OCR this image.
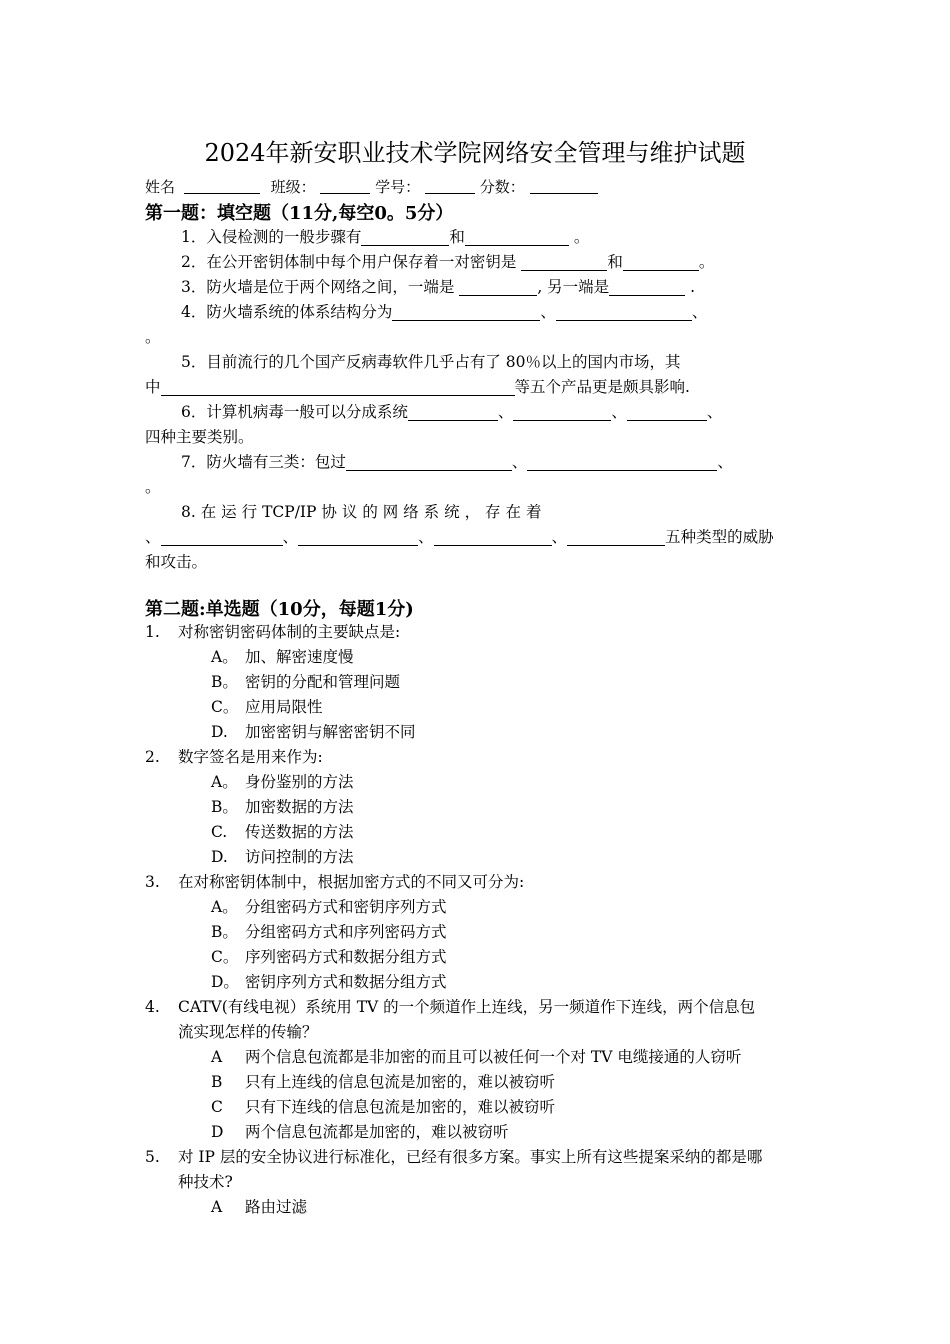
2024年新安职业技术学院网络安全管理与维护试题
姓名	班级：	学号：	分数：
第一题：填空题（11分,每空0。5分）
1．入侵检测的一般步骤有	和	。
2．在公开密钥体制中每个用户保存着一对密钥是	和	。
3．防火墙是位于两个网络之间，一端是	, 另一端是	.
4．防火墙系统的体系结构分为	、	、
。
5．目前流行的几个国产反病毒软件几乎占有了 80％以上的国内市场，其
中	等五个产品更是颇具影响.
6．计算机病毒一般可以分成系统	、	、	、
四种主要类别。
7．防火墙有三类：包过	、	、
。
8. 在 运 行 TCP/IP 协 议 的 网 络 系 统 ， 存 在 着
、	、	、	、	五种类型的威胁
和攻击。
第二题:单选题（10分，每题1分)
1. 对称密钥密码体制的主要缺点是:
A。 加、解密速度慢
B。 密钥的分配和管理问题
C。 应用局限性
D. 加密密钥与解密密钥不同
2. 数字签名是用来作为:
A。 身份鉴别的方法
B。 加密数据的方法
C. 传送数据的方法
D. 访问控制的方法
3. 在对称密钥体制中，根据加密方式的不同又可分为:
A。 分组密码方式和密钥序列方式
B。 分组密码方式和序列密码方式
C。 序列密码方式和数据分组方式
D。 密钥序列方式和数据分组方式
4. CATV(有线电视）系统用 TV 的一个频道作上连线，另一频道作下连线，两个信息包
流实现怎样的传输？
A 两个信息包流都是非加密的而且可以被任何一个对 TV 电缆接通的人窃听
B 只有上连线的信息包流是加密的，难以被窃听
C 只有下连线的信息包流是加密的，难以被窃听
D 两个信息包流都是加密的，难以被窃听
5. 对 IP 层的安全协议进行标准化，已经有很多方案。事实上所有这些提案采纳的都是哪
种技术?
A 路由过滤
